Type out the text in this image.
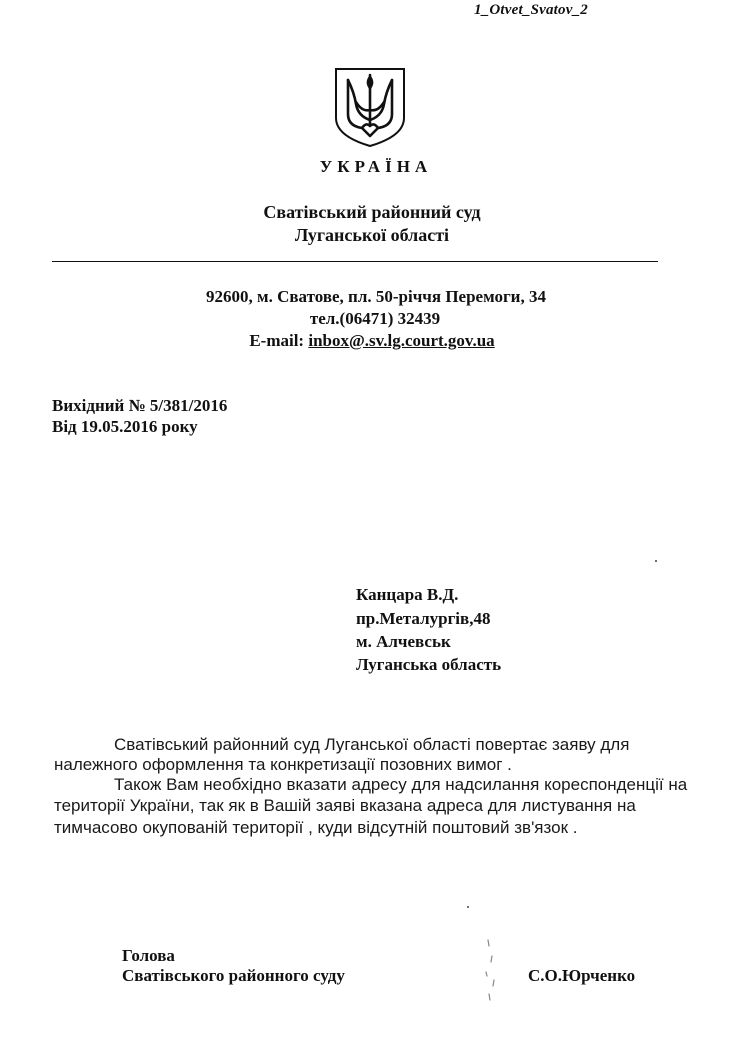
1_Otvet_Svatov_2
УКРАЇНА
Сватівський районний суд
Луганської області
92600, м. Сватове, пл. 50-річчя Перемоги, 34
тел.(06471) 32439
E-mail: inbox@.sv.lg.court.gov.ua
Вихідний № 5/381/2016
Від 19.05.2016 року
Канцара В.Д.
пр.Металургів,48
м. Алчевськ
Луганська область
Сватівський районний суд Луганської області повертає заяву для
належного оформлення та конкретизації позовних вимог .
Також Вам необхідно вказати адресу для надсилання кореспонденції на
території України, так як в Вашій заяві вказана адреса для листування на
тимчасово окупованій території , куди відсутній поштовий зв'язок .
Голова
Сватівського районного суду	С.О.Юрченко
